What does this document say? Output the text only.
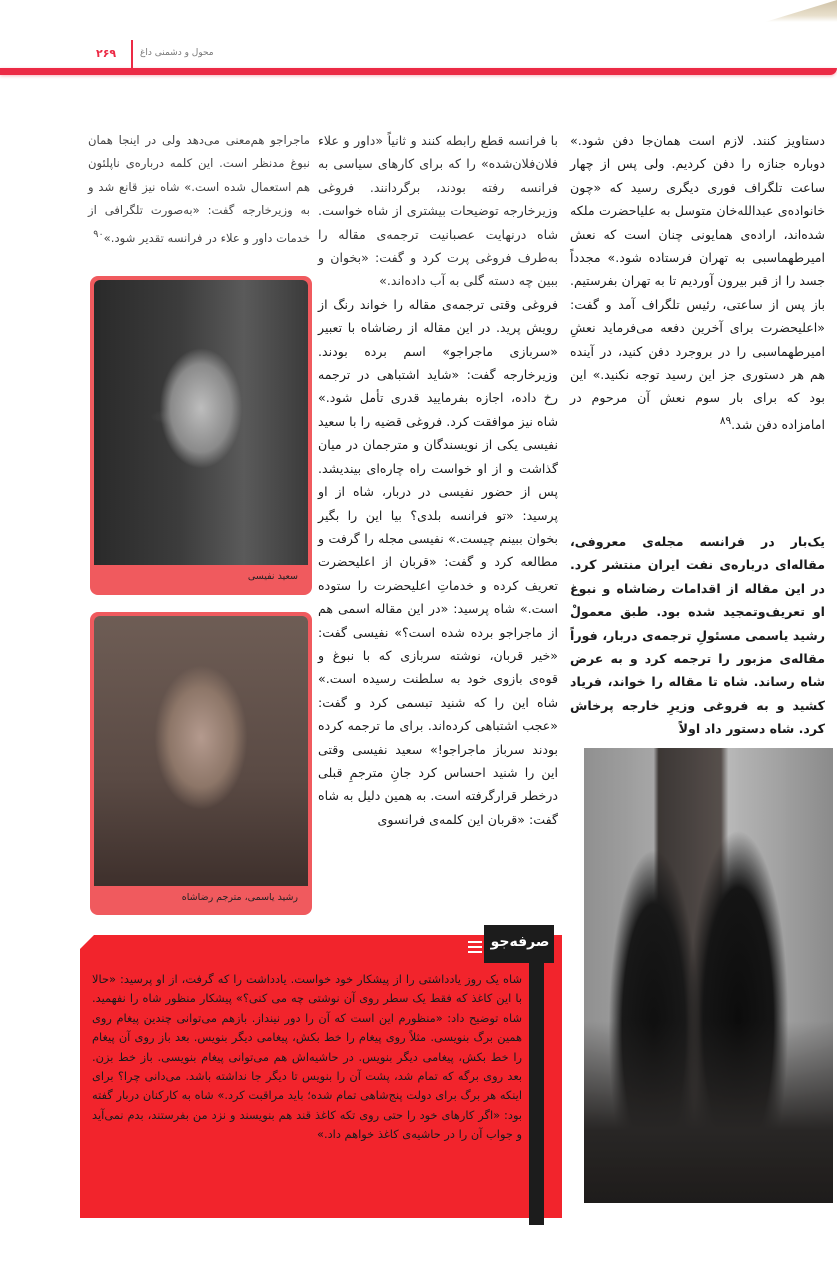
۲۶۹	محول و دشمنی داغ

دستاویز کنند. لازم است همان‌جا دفن شود.» دوباره جنازه را دفن کردیم. ولی پس از چهار ساعت تلگراف فوری دیگری رسید که «چون خانواده‌ی عبدالله‌خان متوسل به علیاحضرت ملکه شده‌اند، اراده‌ی همایونی چنان است که نعش امیرطهماسبی به تهران فرستاده شود.» مجدداً جسد را از قبر بیرون آوردیم تا به تهران بفرستیم. باز پس از ساعتی، رئیس تلگراف آمد و گفت: «اعلیحضرت برای آخرین دفعه می‌فرماید نعشِ امیرطهماسبی را در بروجرد دفن کنید، در آینده هم هر دستوری جز این رسید توجه نکنید.» این بود که برای بار سوم نعش آن مرحوم در امامزاده دفن شد.$^{۸۹}$

یک‌بار در فرانسه مجله‌ی معروفی، مقاله‌ای درباره‌ی نفت ایران منتشر کرد. در این مقاله از اقدامات رضاشاه و نبوغ او تعریف‌وتمجید شده بود. طبق معمولْ رشید یاسمی مسئولِ ترجمه‌ی دربار، فوراً مقاله‌ی مزبور را ترجمه کرد و به عرض شاه رساند. شاه تا مقاله را خواند، فریاد کشید و به فروغی وزیرِ خارجه پرخاش کرد. شاه دستور داد اولاً

با فرانسه قطع رابطه کنند و ثانیاً «داور و علاء فلان‌فلان‌شده» را که برای کارهای سیاسی به فرانسه رفته بودند، برگردانند. فروغی وزیرخارجه توضیحات بیشتری از شاه خواست. شاه درنهایت عصبانیت ترجمه‌ی مقاله را به‌طرف فروغی پرت کرد و گفت: «بخوان و ببین چه دسته گلی به آب داده‌اند.»

فروغی وقتی ترجمه‌ی مقاله را خواند رنگ از رویش پرید. در این مقاله از رضاشاه با تعبیر «سربازی ماجراجو» اسم برده بودند. وزیرخارجه گفت: «شاید اشتباهی در ترجمه رخ داده، اجازه بفرمایید قدری تأمل شود.» شاه نیز موافقت کرد. فروغی قضیه را با سعید نفیسی یکی از نویسندگان و مترجمان در میان گذاشت و از او خواست راه چاره‌ای بیندیشد. پس از حضور نفیسی در دربار، شاه از او پرسید: «تو فرانسه بلدی؟ بیا این را بگیر بخوان ببینم چیست.» نفیسی مجله را گرفت و مطالعه کرد و گفت: «قربان از اعلیحضرت تعریف کرده و خدماتِ اعلیحضرت را ستوده است.» شاه پرسید: «در این مقاله اسمی هم از ماجراجو برده شده است؟» نفیسی گفت: «خیر قربان، نوشته سربازی که با نبوغ و قوه‌ی بازوی خود به سلطنت رسیده است.» شاه این را که شنید تبسمی کرد و گفت: «عجب اشتباهی کرده‌اند. برای ما ترجمه کرده بودند سرباز ماجراجو!» سعید نفیسی وقتی این را شنید احساس کرد جانِ مترجمِ قبلی درخطر قرارگرفته است. به همین دلیل به شاه گفت: «قربان این کلمه‌ی فرانسوی

ماجراجو هم‌معنی می‌دهد ولی در اینجا همان نبوغ مدنظر است. این کلمه درباره‌ی ناپلئون هم استعمال شده است.» شاه نیز قانع شد و به وزیرخارجه گفت: «به‌صورت تلگرافی از خدمات داور و علاء در فرانسه تقدیر شود.»$^{۹۰}$

سعید نفیسی
رشید یاسمی، مترجم رضاشاه
صرفه‌جو
شاه یک روز یادداشتی را از پیشکار خود خواست. یادداشت را که گرفت، از او پرسید: «حالا با این کاغذ که فقط یک سطر روی آن نوشتی چه می کنی؟» پیشکار منظور شاه را نفهمید. شاه توضیح داد: «منظورم این است که آن را دور نینداز. بازهم می‌توانی چندین پیغام روی همین برگ بنویسی. مثلاً روی پیغام را خط بکش، پیغامی دیگر بنویس. بعد باز روی آن پیغام را خط بکش، پیغامی دیگر بنویس. در حاشیه‌اش هم می‌توانی پیغام بنویسی. باز خط بزن. بعد روی برگه که تمام شد، پشت آن را بنویس تا دیگر جا نداشته باشد. می‌دانی چرا؟ برای اینکه هر برگ برای دولت پنج‌شاهی تمام شده؛ باید مراقبت کرد.» شاه به کارکنان دربار گفته بود: «اگر کارهای خود را حتی روی تکه کاغذ قند هم بنویسند و نزد من بفرستند، بدم نمی‌آید و جواب آن را در حاشیه‌ی کاغذ خواهم داد.»
